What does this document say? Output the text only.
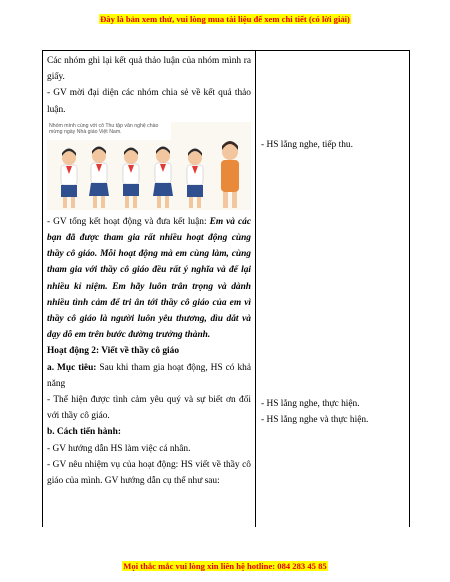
Đây là bản xem thử, vui lòng mua tài liệu để xem chi tiết (có lời giải)

Các nhóm ghi lại kết quả thảo luận của nhóm mình ra giấy.

- GV mời đại diện các nhóm chia sẻ về kết quả thảo luận.

Nhóm mình cùng với cô Thu tập văn nghệ chào mừng ngày Nhà giáo Việt Nam.

- GV tổng kết hoạt động và đưa kết luận: Em và các bạn đã được tham gia rất nhiều hoạt động cùng thầy cô giáo. Mỗi hoạt động mà em cùng làm, cùng tham gia với thầy cô giáo đều rất ý nghĩa và để lại nhiều kỉ niệm. Em hãy luôn trân trọng và dành nhiều tình cảm để tri ân tới thầy cô giáo của em vì thầy cô giáo là người luôn yêu thương, dìu dắt và dạy dỗ em trên bước đường trưởng thành.

Hoạt động 2: Viết về thầy cô giáo

a. Mục tiêu: Sau khi tham gia hoạt động, HS có khả năng

- Thể hiện được tình cảm yêu quý và sự biết ơn đối với thầy cô giáo.

b. Cách tiến hành:

- GV hướng dẫn HS làm việc cá nhân.

- GV nêu nhiệm vụ của hoạt động: HS viết về thầy cô giáo của mình. GV hướng dẫn cụ thể như sau:

- HS lắng nghe, tiếp thu.
- HS lắng nghe, thực hiện.
- HS lắng nghe và thực hiện.
Mọi thắc mắc vui lòng xin liên hệ hotline: 084 283 45 85
